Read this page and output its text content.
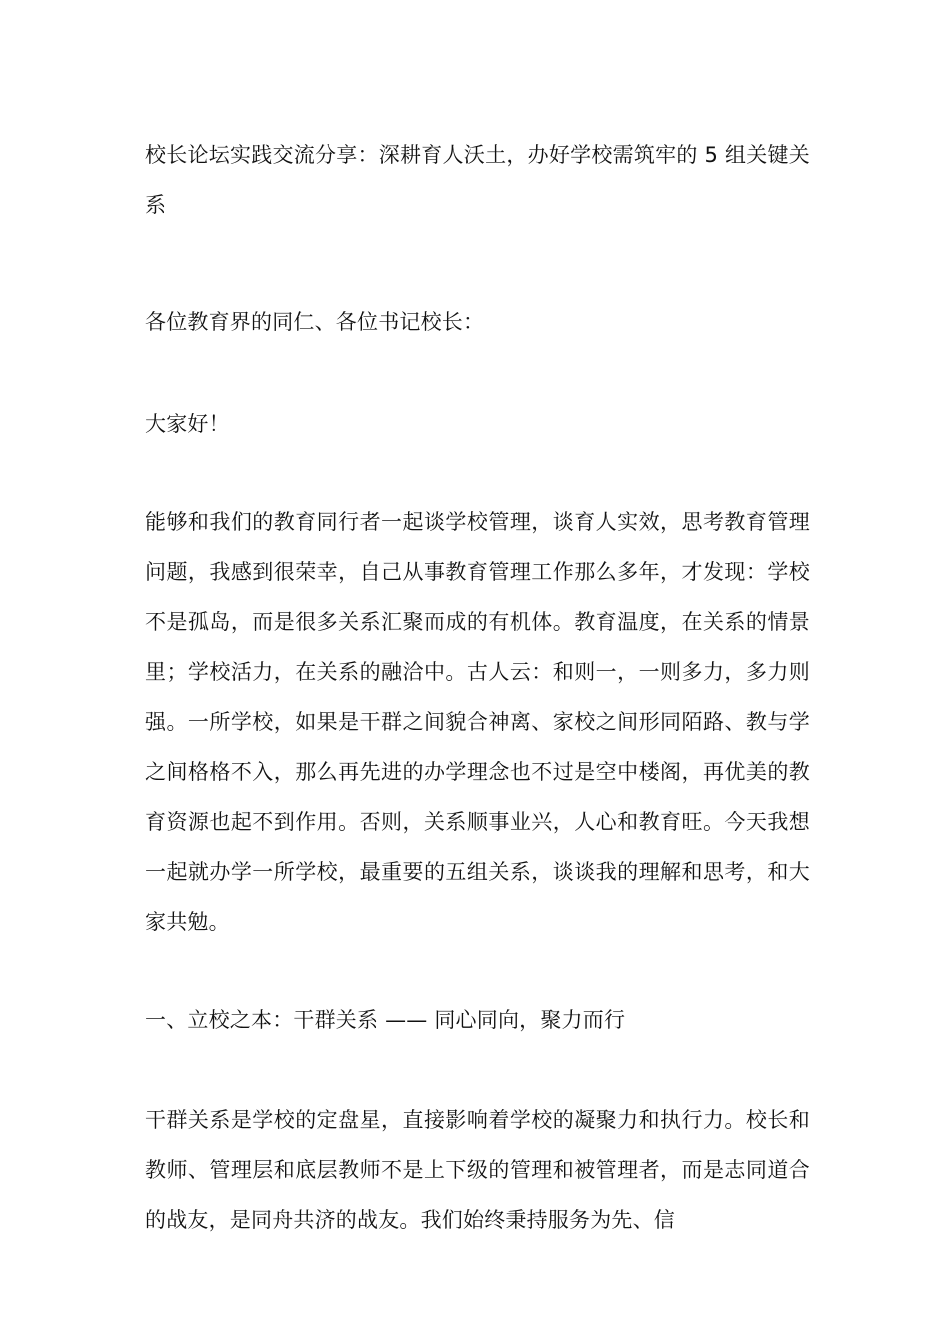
校长论坛实践交流分享：深耕育人沃土，办好学校需筑牢的 5 组关键关系

各位教育界的同仁、各位书记校长：

大家好！

能够和我们的教育同行者一起谈学校管理，谈育人实效，思考教育管理问题，我感到很荣幸，自己从事教育管理工作那么多年，才发现：学校不是孤岛，而是很多关系汇聚而成的有机体。教育温度，在关系的情景里；学校活力，在关系的融洽中。古人云：和则一，一则多力，多力则强。一所学校，如果是干群之间貌合神离、家校之间形同陌路、教与学之间格格不入，那么再先进的办学理念也不过是空中楼阁，再优美的教育资源也起不到作用。否则，关系顺事业兴，人心和教育旺。今天我想一起就办学一所学校，最重要的五组关系，谈谈我的理解和思考，和大家共勉。

一、立校之本：干群关系 —— 同心同向，聚力而行

干群关系是学校的定盘星，直接影响着学校的凝聚力和执行力。校长和教师、管理层和底层教师不是上下级的管理和被管理者，而是志同道合的战友，是同舟共济的战友。我们始终秉持服务为先、信
